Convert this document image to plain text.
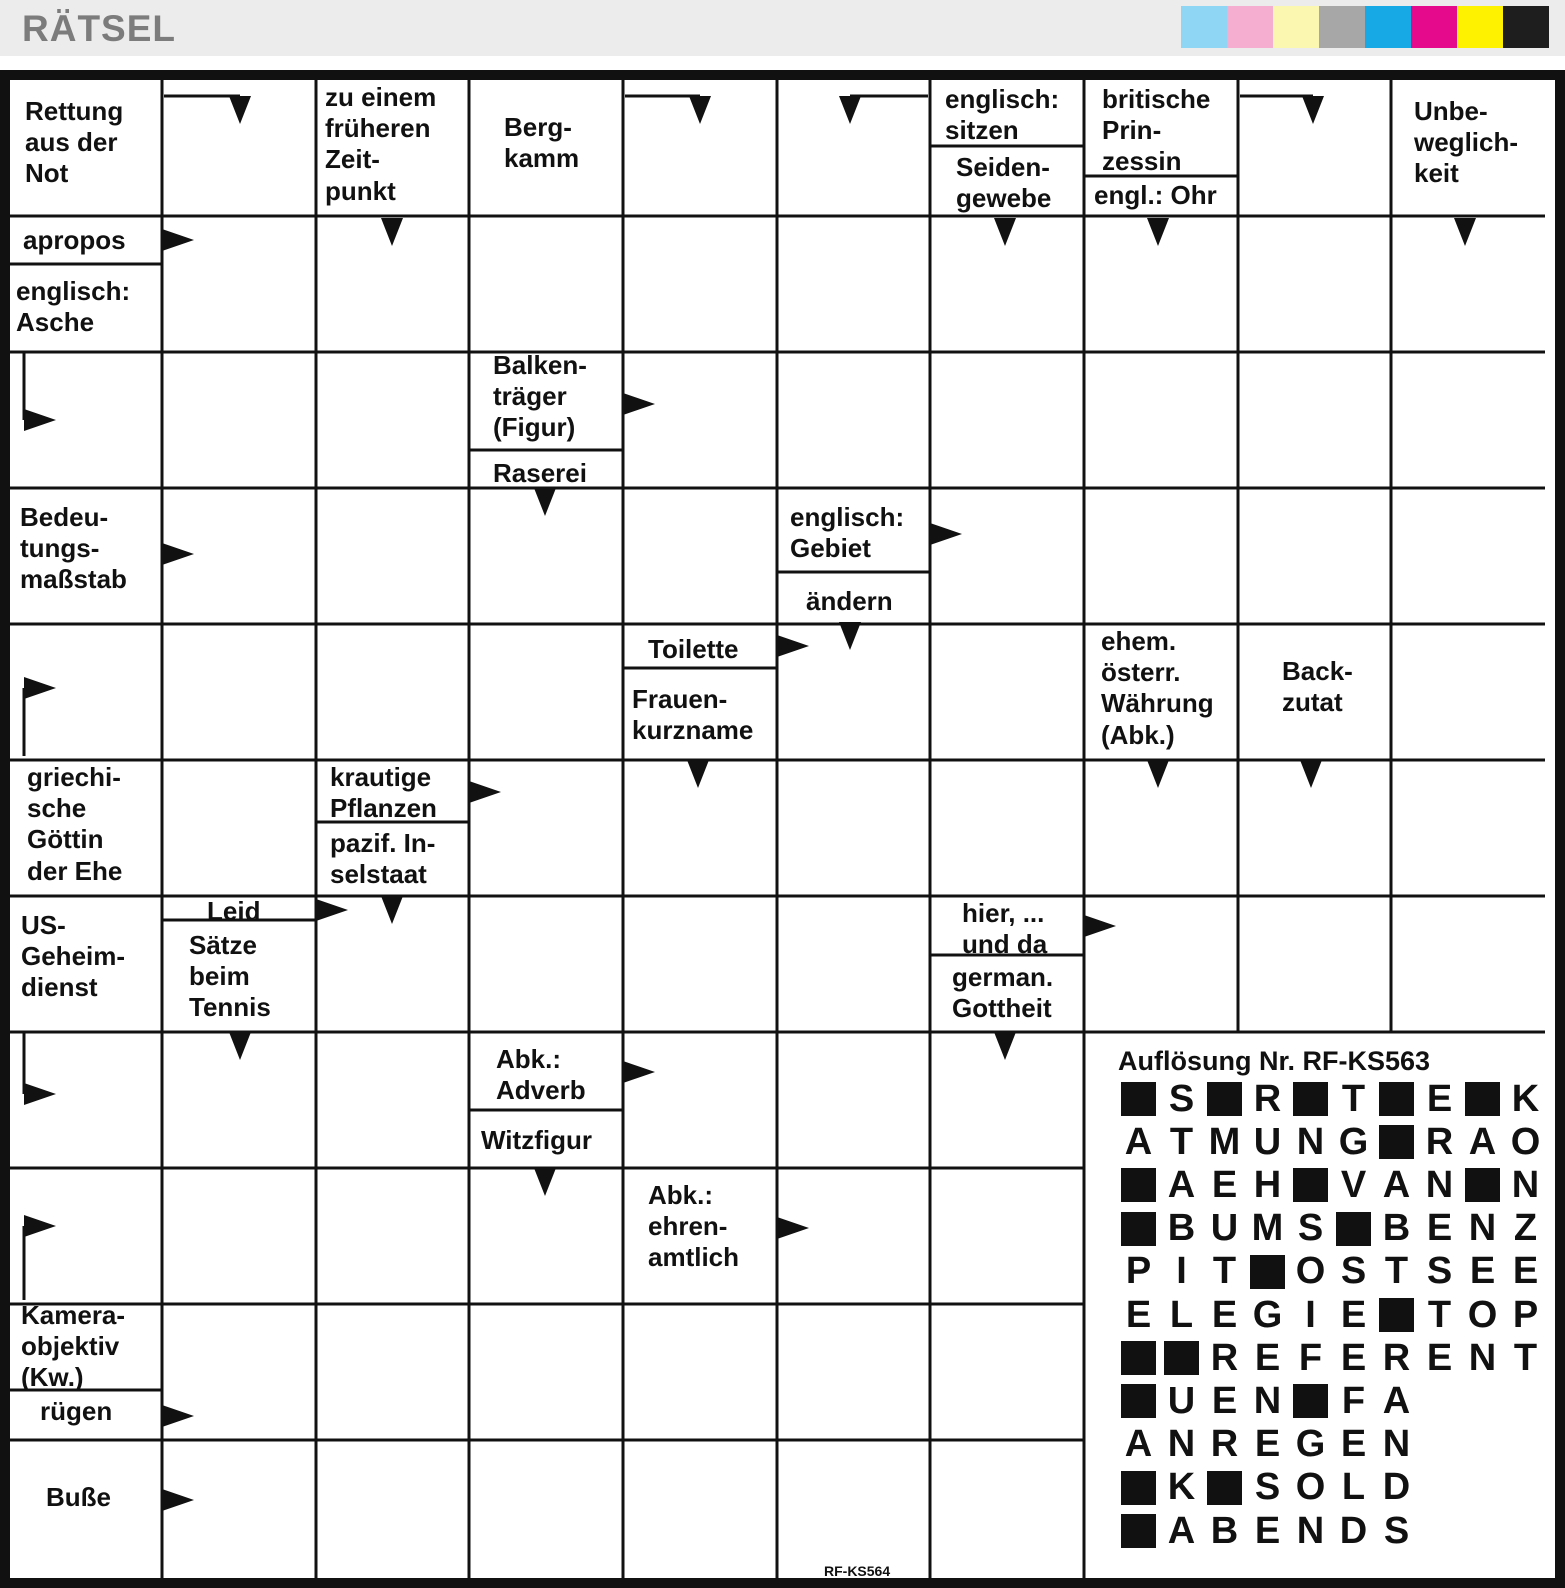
RÄTSEL
Rettung
aus der
Not
zu einem
früheren
Zeit-
punkt
Berg-
kamm
englisch:
sitzen
Seiden-
gewebe
britische
Prin-
zessin
engl.: Ohr
Unbe-
weglich-
keit
apropos
englisch:
Asche
Balken-
träger
(Figur)
Raserei
Bedeu-
tungs-
maßstab
englisch:
Gebiet
ändern
Toilette
Frauen-
kurzname
ehem.
österr.
Währung
(Abk.)
Back-
zutat
griechi-
sche
Göttin
der Ehe
krautige
Pflanzen
pazif. In-
selstaat
Leid
Sätze
beim
Tennis
US-
Geheim-
dienst
hier, ...
und da
german.
Gottheit
Abk.:
Adverb
Witzfigur
Abk.:
ehren-
amtlich
Kamera-
objektiv
(Kw.)
rügen
Buße
Auflösung Nr. RF-KS563
S R T E K
A T M U N G R A O
A E H V A N N
B U M S B E N Z
P I T O S T S E E
E L E G I E T O P
R E F E R E N T
U E N F A
A N R E G E N
K S O L D
A B E N D S
RF-KS564
